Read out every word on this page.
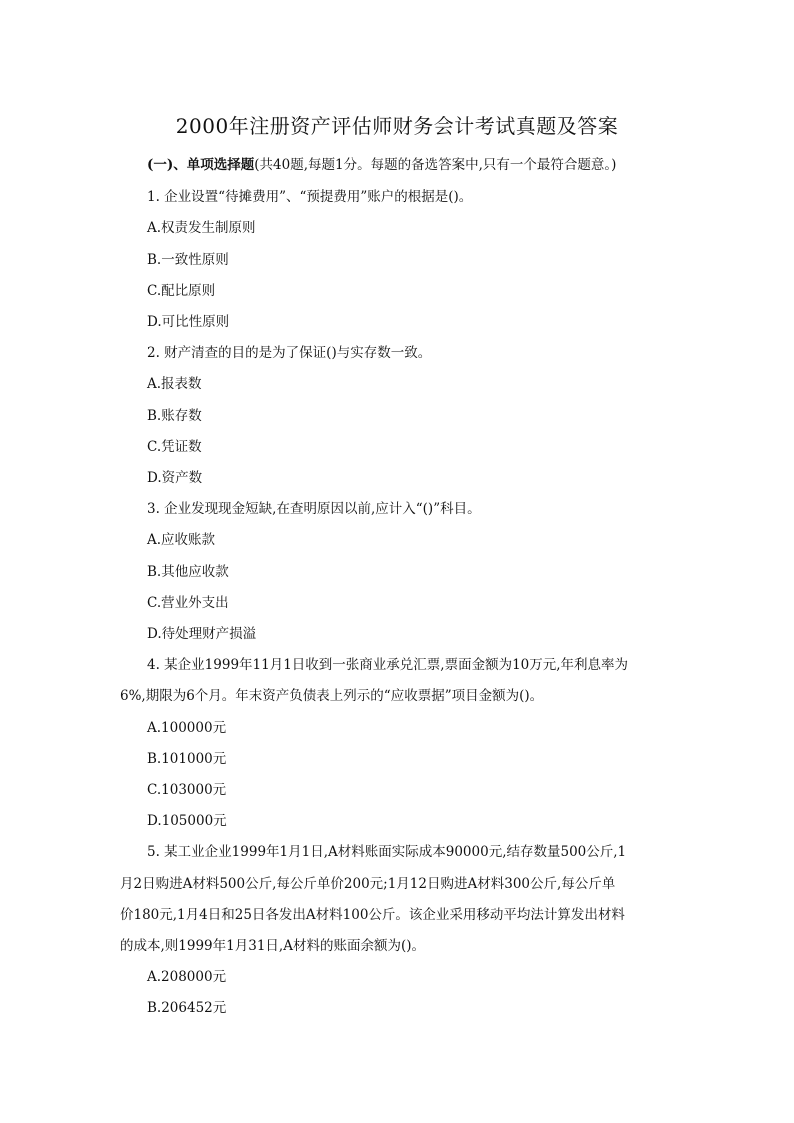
2000年注册资产评估师财务会计考试真题及答案
(一)、单项选择题(共40题,每题1分。每题的备选答案中,只有一个最符合题意。)
1. 企业设置“待摊费用”、“预提费用”账户的根据是()。
A.权责发生制原则
B.一致性原则
C.配比原则
D.可比性原则
2. 财产清查的目的是为了保证()与实存数一致。
A.报表数
B.账存数
C.凭证数
D.资产数
3. 企业发现现金短缺,在查明原因以前,应计入“()”科目。
A.应收账款
B.其他应收款
C.营业外支出
D.待处理财产损溢
4. 某企业1999年11月1日收到一张商业承兑汇票,票面金额为10万元,年利息率为
6%,期限为6个月。年末资产负债表上列示的“应收票据”项目金额为()。
A.100000元
B.101000元
C.103000元
D.105000元
5. 某工业企业1999年1月1日,A材料账面实际成本90000元,结存数量500公斤,1
月2日购进A材料500公斤,每公斤单价200元;1月12日购进A材料300公斤,每公斤单
价180元,1月4日和25日各发出A材料100公斤。该企业采用移动平均法计算发出材料
的成本,则1999年1月31日,A材料的账面余额为()。
A.208000元
B.206452元
